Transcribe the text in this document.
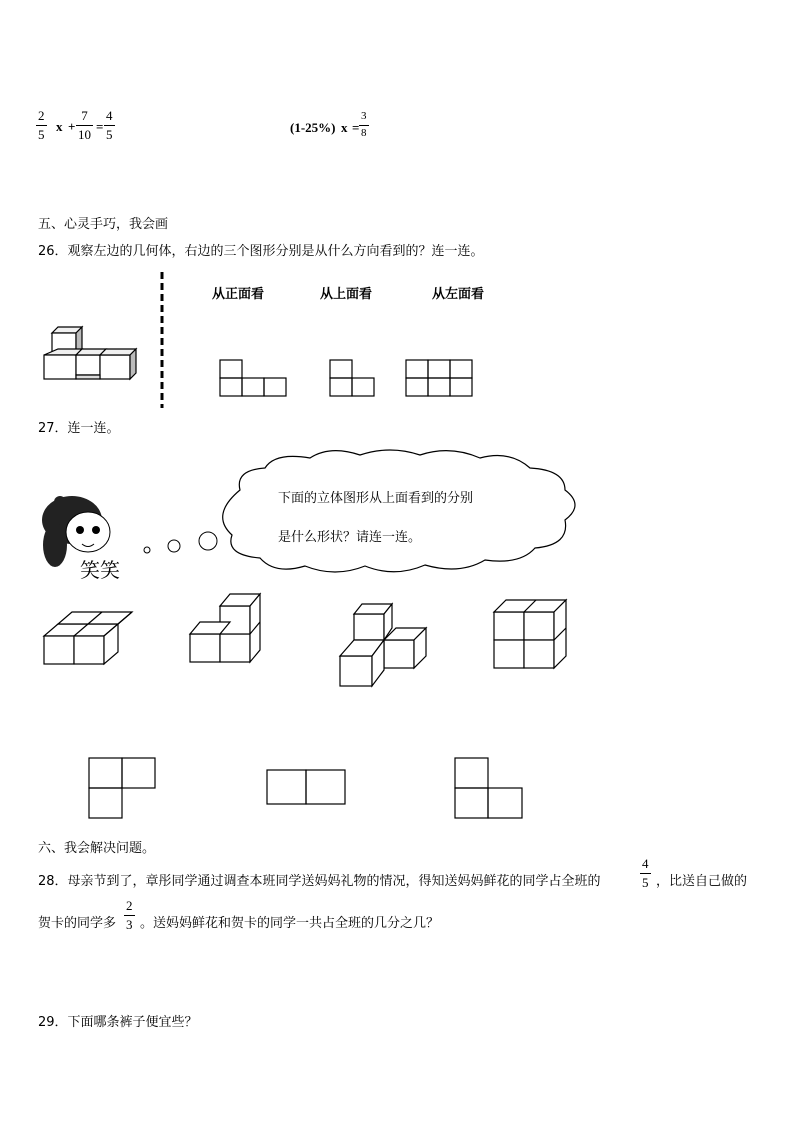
2
5
x +
7
10
=
4
5	(1-25%) x =
3
8
五、心灵手巧，我会画
26．观察左边的几何体，右边的三个图形分别是从什么方向看到的？连一连。
从正面看	从上面看	从左面看
27．连一连。
笑笑
下面的立体图形从上面看到的分别
是什么形状？请连一连。
六、我会解决问题。
28．母亲节到了，章彤同学通过调查本班同学送妈妈礼物的情况，得知送妈妈鲜花的同学占全班的
4
5 ，比送自己做的
贺卡的同学多
2
3 。送妈妈鲜花和贺卡的同学一共占全班的几分之几？
29．下面哪条裤子便宜些？
